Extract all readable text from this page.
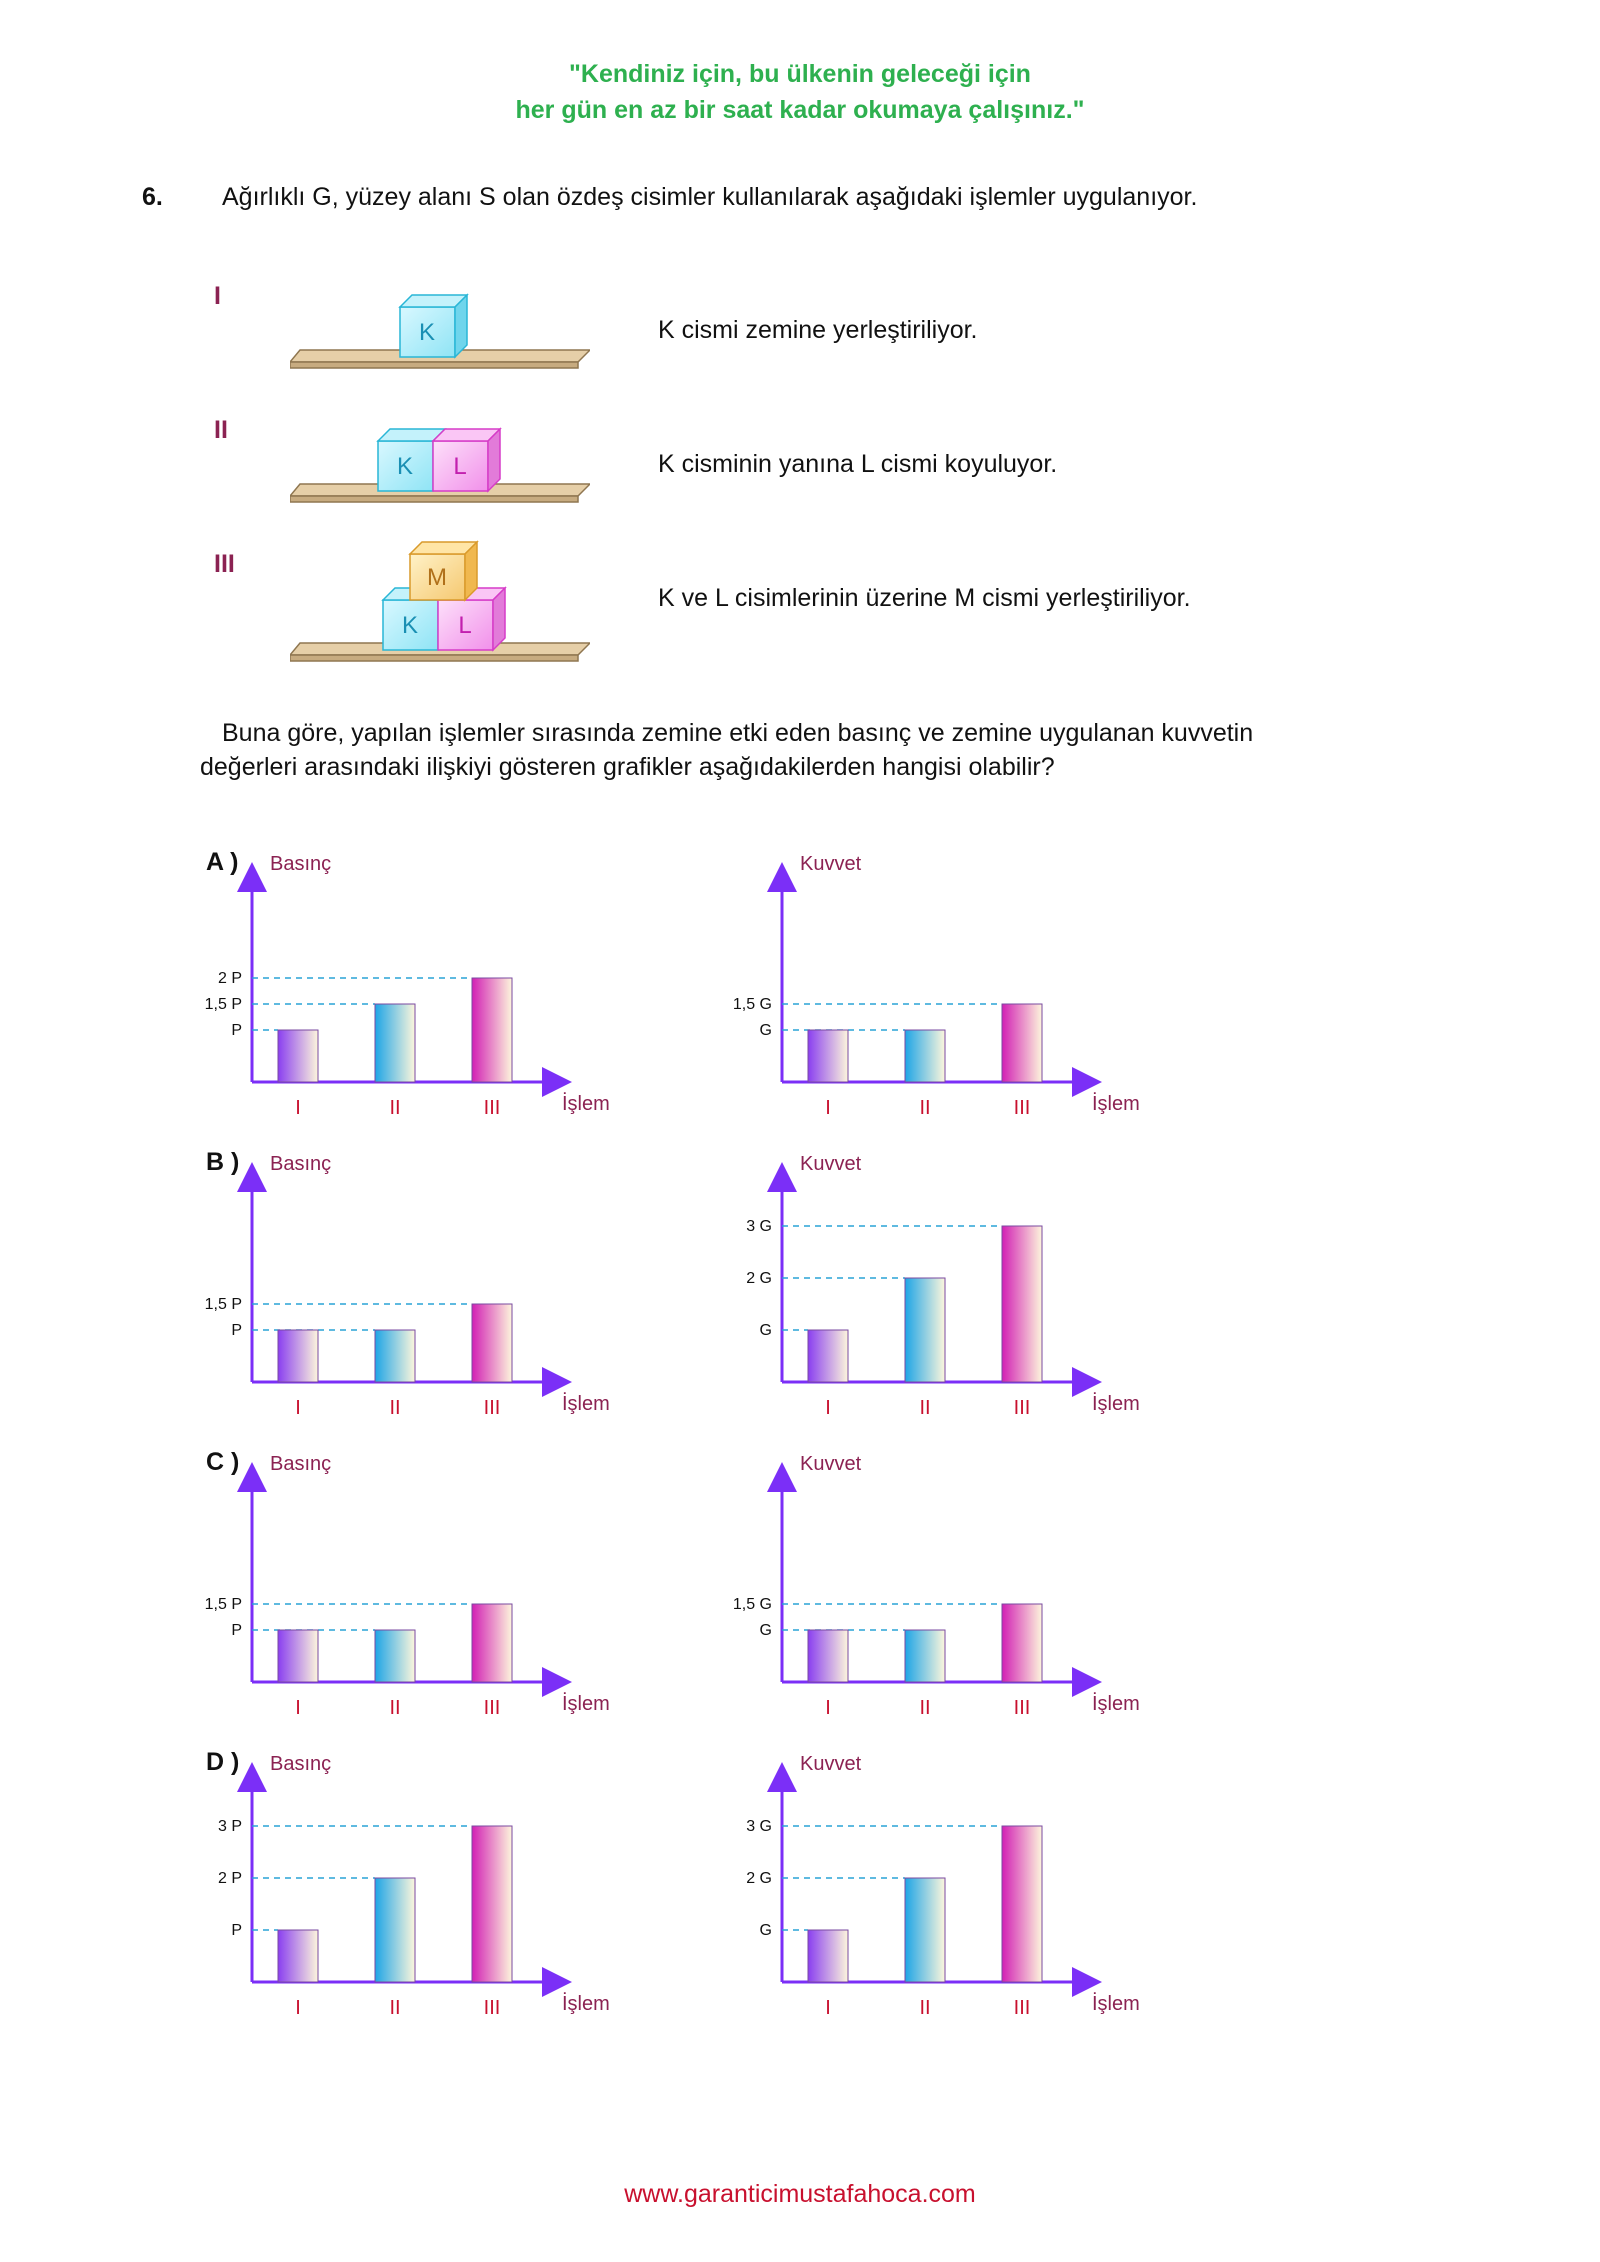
"Kendiniz için, bu ülkenin geleceği için
her gün en az bir saat kadar okumaya çalışınız."
6. Ağırlıklı G, yüzey alanı S olan özdeş cisimler kullanılarak aşağıdaki işlemler uygulanıyor.
I
K	K cismi zemine yerleştiriliyor.
II
K L	K cisminin yanına L cismi koyuluyor.
III
K L
M
K ve L cisimlerinin üzerine M cismi yerleştiriliyor.
Buna göre, yapılan işlemler sırasında zemine etki eden basınç ve zemine uygulanan kuvvetin
değerleri arasındaki ilişkiyi gösteren grafikler aşağıdakilerden hangisi olabilir?
A ) Basınç
P
1,5 P
2 P
I	II	III	İşlem
Kuvvet
G
1,5 G
I	II	III	İşlem
B ) Basınç
P
1,5 P
I	II	III	İşlem
Kuvvet
G
2 G
3 G
I	II	III	İşlem
C ) Basınç
P
1,5 P
I	II	III	İşlem
Kuvvet
G
1,5 G
I	II	III	İşlem
D ) Basınç
P
2 P
3 P
I	II	III	İşlem
Kuvvet
G
2 G
3 G
I	II	III	İşlem
www.garanticimustafahoca.com
